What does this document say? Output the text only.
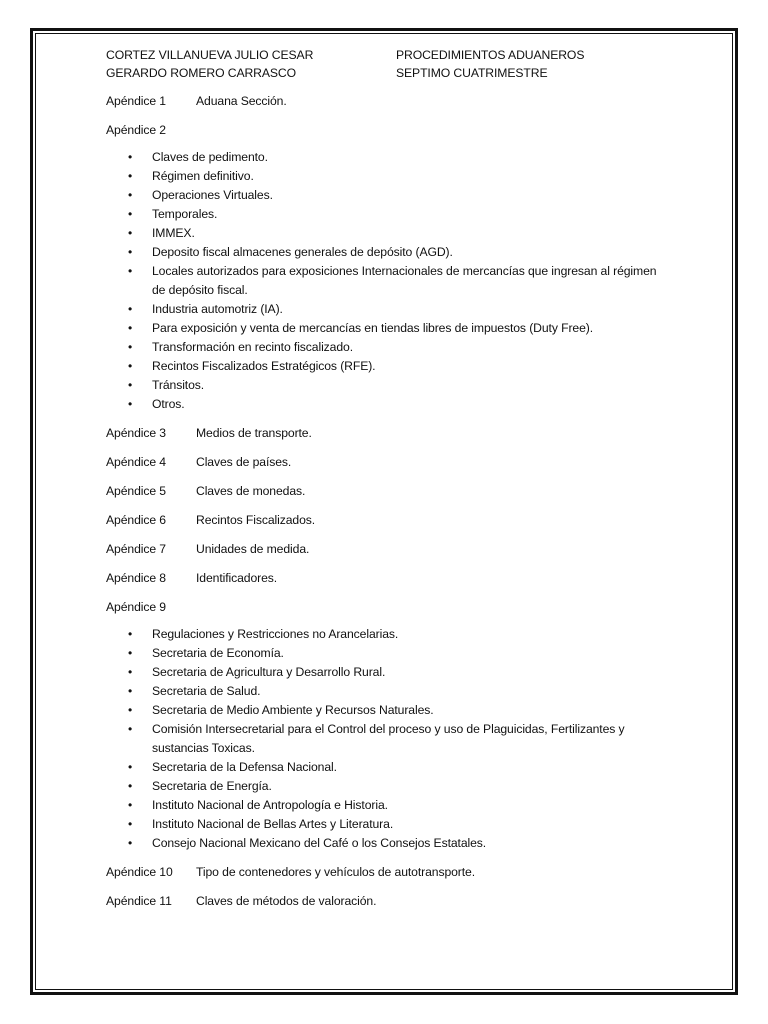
CORTEZ VILLANUEVA JULIO CESAR	PROCEDIMIENTOS ADUANEROS
GERARDO ROMERO CARRASCO	SEPTIMO CUATRIMESTRE
Apéndice 1	Aduana Sección.
Apéndice 2
• Claves de pedimento.
• Régimen definitivo.
• Operaciones Virtuales.
• Temporales.
• IMMEX.
• Deposito fiscal almacenes generales de depósito (AGD).
• Locales autorizados para exposiciones Internacionales de mercancías que ingresan al régimen de depósito fiscal.
• Industria automotriz (IA).
• Para exposición y venta de mercancías en tiendas libres de impuestos (Duty Free).
• Transformación en recinto fiscalizado.
• Recintos Fiscalizados Estratégicos (RFE).
• Tránsitos.
• Otros.
Apéndice 3	Medios de transporte.
Apéndice 4	Claves de países.
Apéndice 5	Claves de monedas.
Apéndice 6	Recintos Fiscalizados.
Apéndice 7	Unidades de medida.
Apéndice 8	Identificadores.
Apéndice 9
• Regulaciones y Restricciones no Arancelarias.
• Secretaria de Economía.
• Secretaria de Agricultura y Desarrollo Rural.
• Secretaria de Salud.
• Secretaria de Medio Ambiente y Recursos Naturales.
• Comisión Intersecretarial para el Control del proceso y uso de Plaguicidas, Fertilizantes y sustancias Toxicas.
• Secretaria de la Defensa Nacional.
• Secretaria de Energía.
• Instituto Nacional de Antropología e Historia.
• Instituto Nacional de Bellas Artes y Literatura.
• Consejo Nacional Mexicano del Café o los Consejos Estatales.
Apéndice 10	Tipo de contenedores y vehículos de autotransporte.
Apéndice 11	Claves de métodos de valoración.
